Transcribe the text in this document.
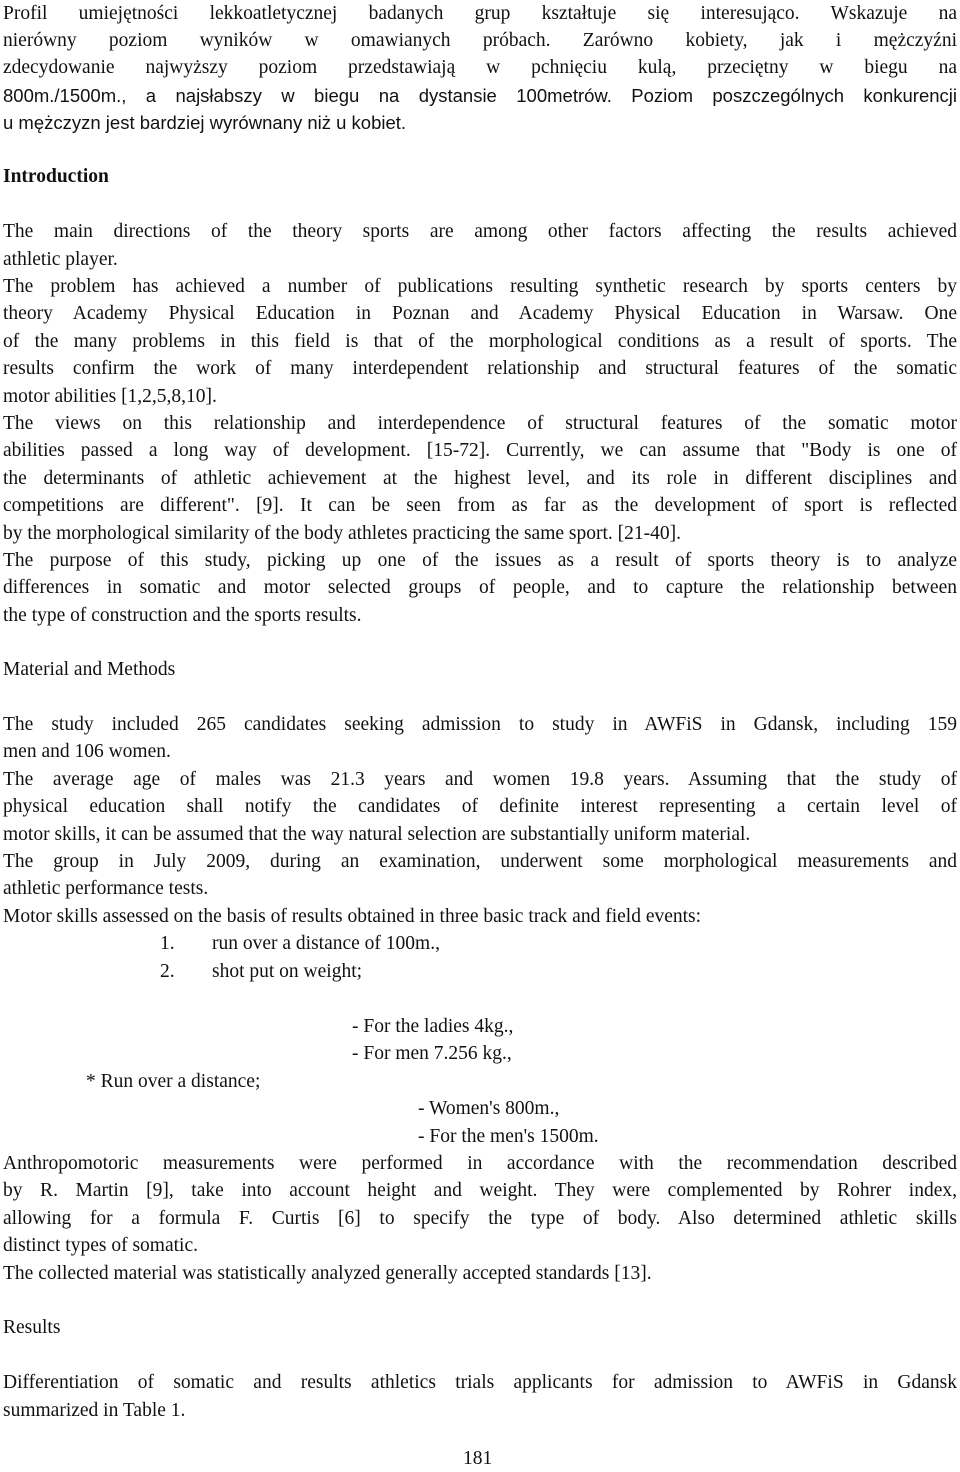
Profil umiejętności lekkoatletycznej badanych grup kształtuje się interesująco. Wskazuje na

nierówny poziom wyników w omawianych próbach. Zarówno kobiety, jak i mężczyźni

zdecydowanie najwyższy poziom przedstawiają w pchnięciu kulą, przeciętny w biegu na

800m./1500m., a najsłabszy w biegu na dystansie 100metrów. Poziom poszczególnych konkurencji

u mężczyzn jest bardziej wyrównany niż u kobiet.

Introduction

The main directions of the theory sports are among other factors affecting the results achieved

athletic player.

The problem has achieved a number of publications resulting synthetic research by sports centers by

theory Academy Physical Education in Poznan and Academy Physical Education in Warsaw. One

of the many problems in this field is that of the morphological conditions as a result of sports. The

results confirm the work of many interdependent relationship and structural features of the somatic

motor abilities [1,2,5,8,10].

The views on this relationship and interdependence of structural features of the somatic motor

abilities passed a long way of development. [15-72]. Currently, we can assume that "Body is one of

the determinants of athletic achievement at the highest level, and its role in different disciplines and

competitions are different". [9]. It can be seen from as far as the development of sport is reflected

by the morphological similarity of the body athletes practicing the same sport. [21-40].

The purpose of this study, picking up one of the issues as a result of sports theory is to analyze

differences in somatic and motor selected groups of people, and to capture the relationship between

the type of construction and the sports results.

Material and Methods

The study included 265 candidates seeking admission to study in AWFiS in Gdansk, including 159

men and 106 women.

The average age of males was 21.3 years and women 19.8 years. Assuming that the study of

physical education shall notify the candidates of definite interest representing a certain level of

motor skills, it can be assumed that the way natural selection are substantially uniform material.

The group in July 2009, during an examination, underwent some morphological measurements and

athletic performance tests.

Motor skills assessed on the basis of results obtained in three basic track and field events:

1. run over a distance of 100m.,

2. shot put on weight;

- For the ladies 4kg.,

- For men 7.256 kg.,

* Run over a distance;

- Women's 800m.,

- For the men's 1500m.

Anthropomotoric measurements were performed in accordance with the recommendation described

by R. Martin [9], take into account height and weight. They were complemented by Rohrer index,

allowing for a formula F. Curtis [6] to specify the type of body. Also determined athletic skills

distinct types of somatic.

The collected material was statistically analyzed generally accepted standards [13].

Results

Differentiation of somatic and results athletics trials applicants for admission to AWFiS in Gdansk

summarized in Table 1.

181
